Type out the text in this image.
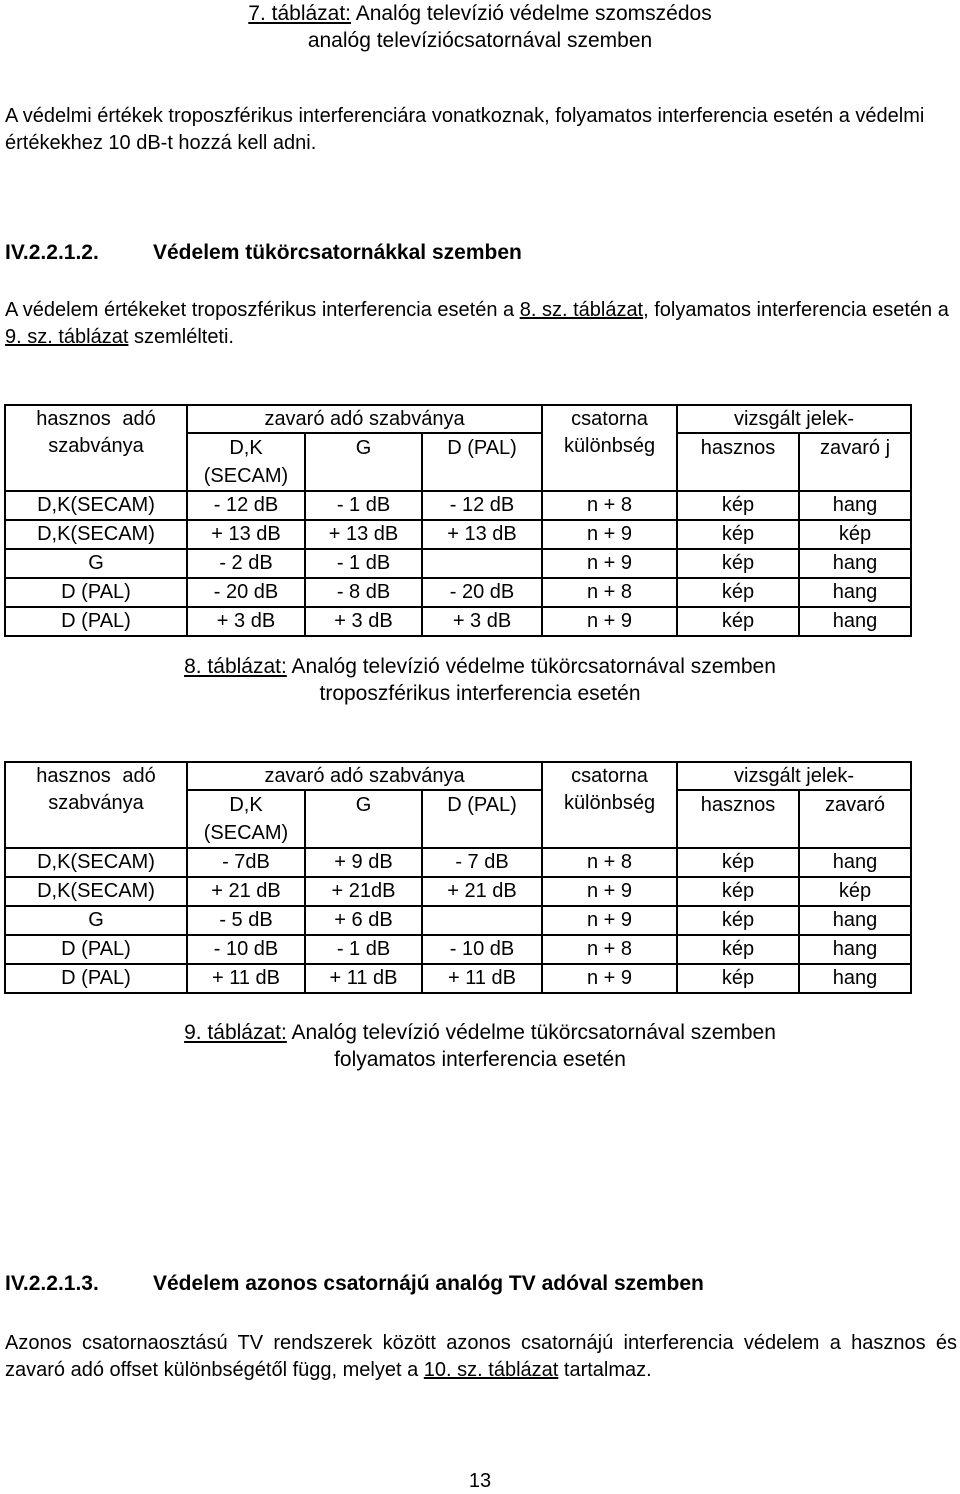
7. táblázat: Analóg televízió védelme szomszédos
analóg televíziócsatornával szemben
A védelmi értékek troposzférikus interferenciára vonatkoznak, folyamatos interferencia esetén a védelmi értékekhez 10 dB-t hozzá kell adni.
IV.2.2.1.2.	Védelem tükörcsatornákkal szemben
A védelem értékeket troposzférikus interferencia esetén a 8. sz. táblázat, folyamatos interferencia esetén a 9. sz. táblázat szemlélteti.
hasznos adó	zavaró adó szabványa			csatorna	vizsgált jelek-	
szabványa	D,K (SECAM)	G	D (PAL)	különbség	hasznos	zavaró j
D,K(SECAM)	- 12 dB	- 1 dB	- 12 dB	n + 8	kép	hang
D,K(SECAM)	+ 13 dB	+ 13 dB	+ 13 dB	n + 9	kép	kép
G	- 2 dB	- 1 dB		n + 9	kép	hang
D (PAL)	- 20 dB	- 8 dB	- 20 dB	n + 8	kép	hang
D (PAL)	+ 3 dB	+ 3 dB	+ 3 dB	n + 9	kép	hang
8. táblázat: Analóg televízió védelme tükörcsatornával szemben
troposzférikus interferencia esetén
hasznos adó	zavaró adó szabványa			csatorna	vizsgált jelek-	
szabványa	D,K (SECAM)	G	D (PAL)	különbség	hasznos	zavaró
D,K(SECAM)	- 7dB	+ 9 dB	- 7 dB	n + 8	kép	hang
D,K(SECAM)	+ 21 dB	+ 21dB	+ 21 dB	n + 9	kép	kép
G	- 5 dB	+ 6 dB		n + 9	kép	hang
D (PAL)	- 10 dB	- 1 dB	- 10 dB	n + 8	kép	hang
D (PAL)	+ 11 dB	+ 11 dB	+ 11 dB	n + 9	kép	hang
9. táblázat: Analóg televízió védelme tükörcsatornával szemben
folyamatos interferencia esetén
IV.2.2.1.3.	Védelem azonos csatornájú analóg TV adóval szemben
Azonos csatornaosztású TV rendszerek között azonos csatornájú interferencia védelem a hasznos és zavaró adó offset különbségétől függ, melyet a 10. sz. táblázat tartalmaz.
13
